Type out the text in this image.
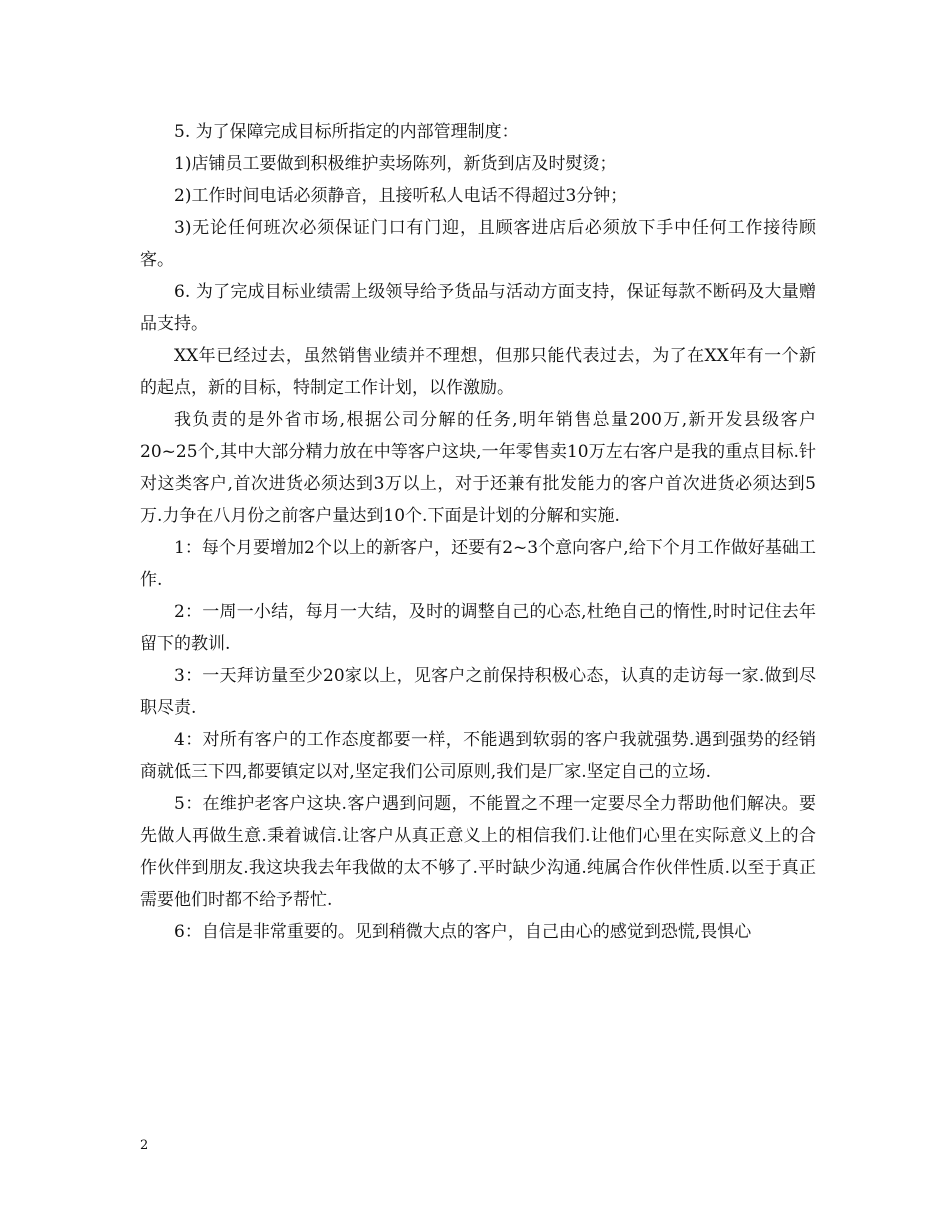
5. 为了保障完成目标所指定的内部管理制度：

1)店铺员工要做到积极维护卖场陈列，新货到店及时熨烫；

2)工作时间电话必须静音，且接听私人电话不得超过3分钟；

3)无论任何班次必须保证门口有门迎，且顾客进店后必须放下手中任何工作接待顾客。

6. 为了完成目标业绩需上级领导给予货品与活动方面支持，保证每款不断码及大量赠品支持。

XX年已经过去，虽然销售业绩并不理想，但那只能代表过去，为了在XX年有一个新的起点，新的目标，特制定工作计划，以作激励。

我负责的是外省市场,根据公司分解的任务,明年销售总量200万,新开发县级客户20~25个,其中大部分精力放在中等客户这块,一年零售卖10万左右客户是我的重点目标.针对这类客户,首次进货必须达到3万以上，对于还兼有批发能力的客户首次进货必须达到5万.力争在八月份之前客户量达到10个.下面是计划的分解和实施.

1：每个月要增加2个以上的新客户，还要有2~3个意向客户,给下个月工作做好基础工作.

2：一周一小结，每月一大结，及时的调整自己的心态,杜绝自己的惰性,时时记住去年留下的教训.

3：一天拜访量至少20家以上，见客户之前保持积极心态，认真的走访每一家.做到尽职尽责.

4：对所有客户的工作态度都要一样，不能遇到软弱的客户我就强势.遇到强势的经销商就低三下四,都要镇定以对,坚定我们公司原则,我们是厂家.坚定自己的立场.

5：在维护老客户这块.客户遇到问题，不能置之不理一定要尽全力帮助他们解决。要先做人再做生意.秉着诚信.让客户从真正意义上的相信我们.让他们心里在实际意义上的合作伙伴到朋友.我这块我去年我做的太不够了.平时缺少沟通.纯属合作伙伴性质.以至于真正需要他们时都不给予帮忙.

6：自信是非常重要的。见到稍微大点的客户，自己由心的感觉到恐慌,畏惧心

2
